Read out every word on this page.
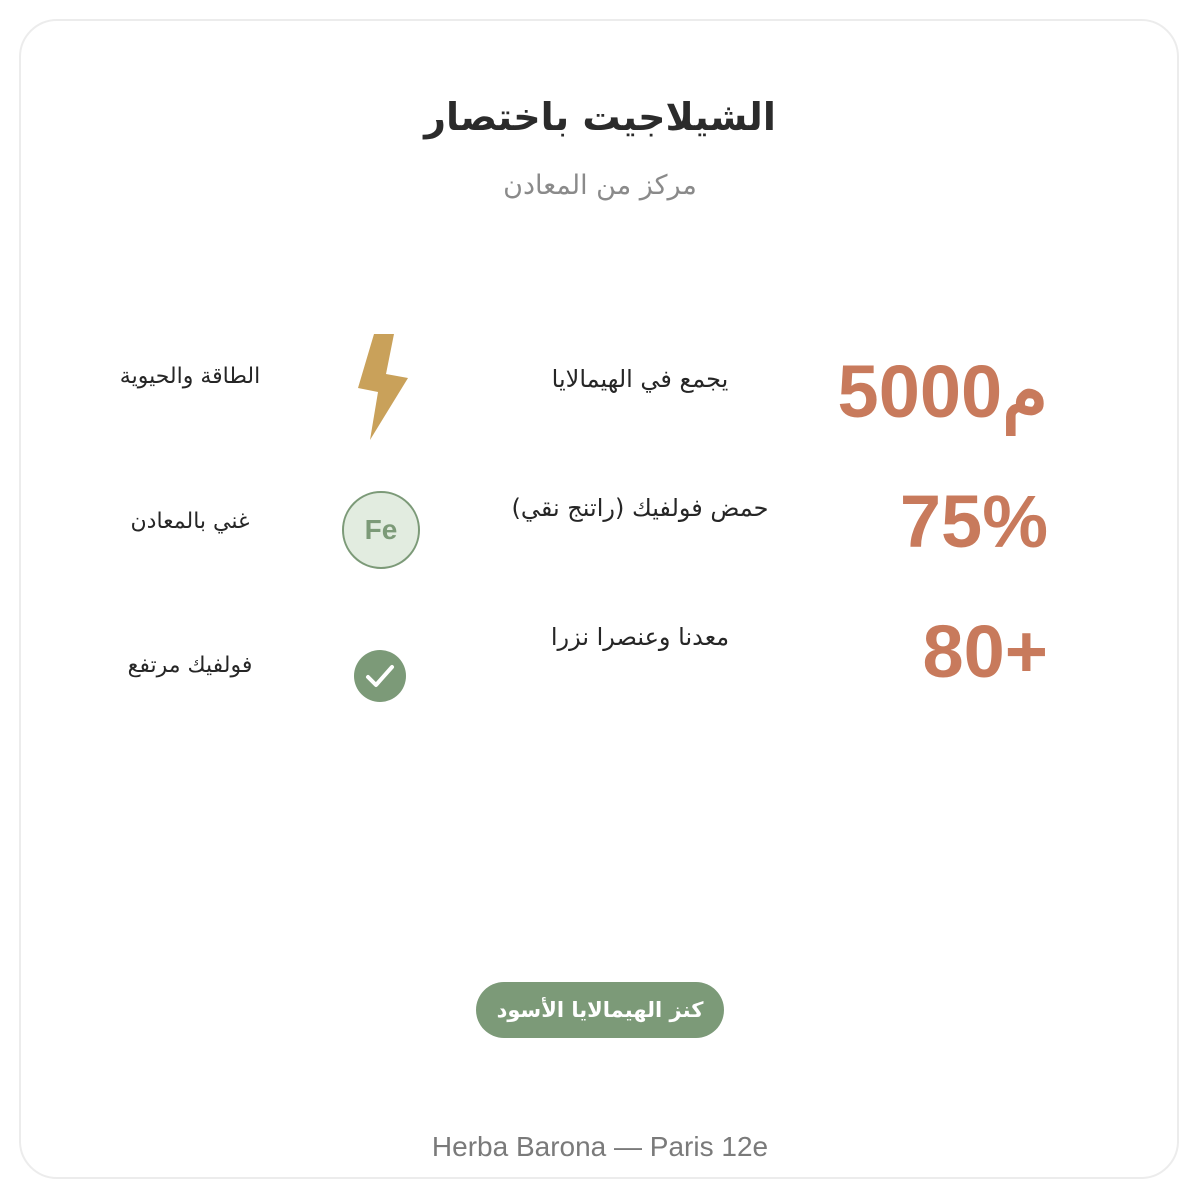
الشيلاجيت باختصار
مركز من المعادن
5000م
يجمع في الهيمالايا
75%
حمض فولفيك (راتنج نقي)
80+
معدنا وعنصرا نزرا
الطاقة والحيوية
Fe
غني بالمعادن
فولفيك مرتفع
كنز الهيمالايا الأسود
Herba Barona — Paris 12e
